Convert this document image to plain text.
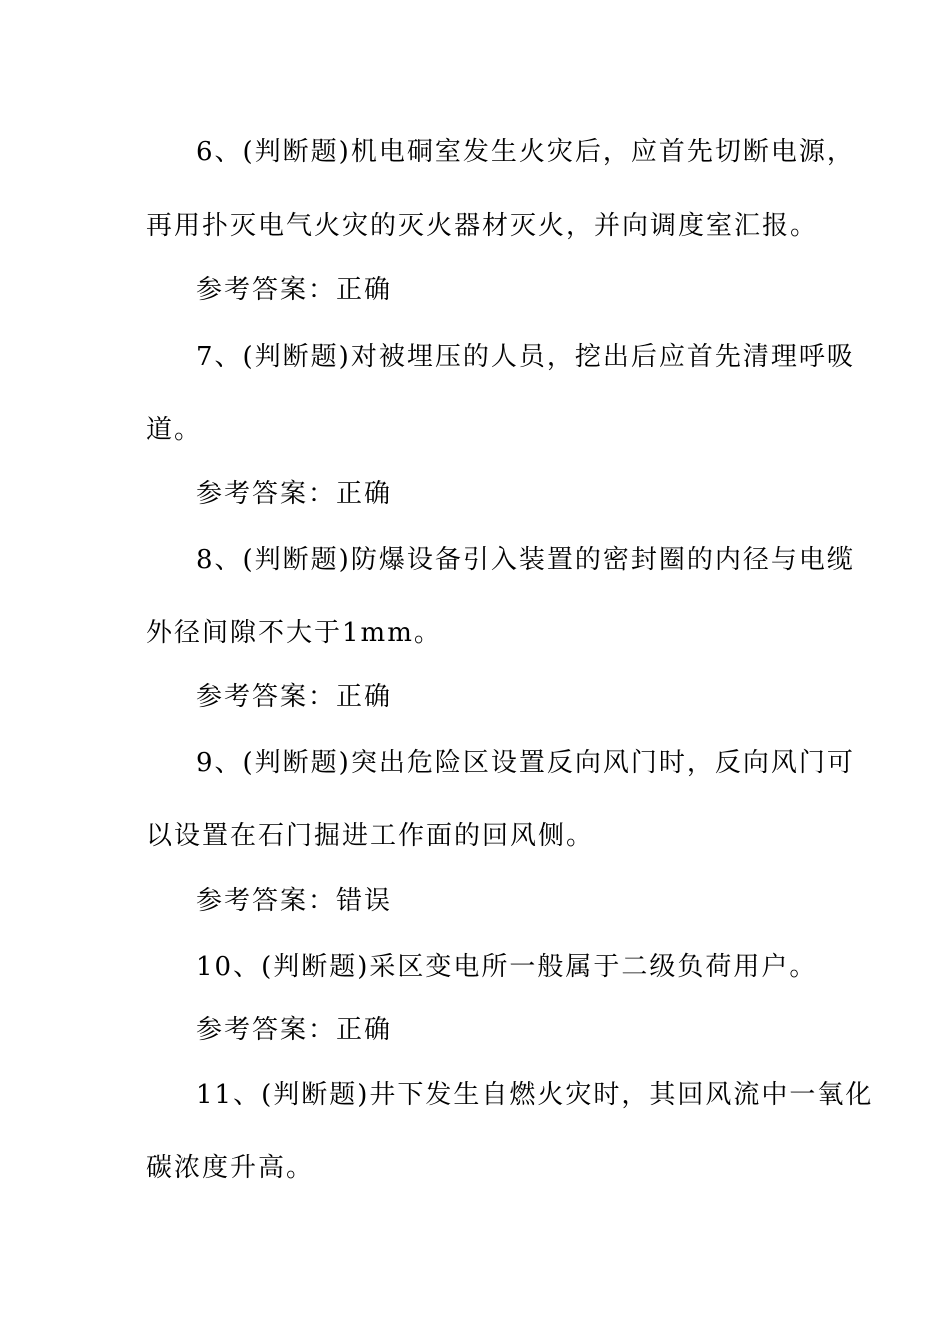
6、(判断题)机电硐室发生火灾后，应首先切断电源，
再用扑灭电气火灾的灭火器材灭火，并向调度室汇报。
参考答案：正确
7、(判断题)对被埋压的人员，挖出后应首先清理呼吸
道。
参考答案：正确
8、(判断题)防爆设备引入装置的密封圈的内径与电缆
外径间隙不大于1mm。
参考答案：正确
9、(判断题)突出危险区设置反向风门时，反向风门可
以设置在石门掘进工作面的回风侧。
参考答案：错误
10、(判断题)采区变电所一般属于二级负荷用户。
参考答案：正确
11、(判断题)井下发生自燃火灾时，其回风流中一氧化
碳浓度升高。
